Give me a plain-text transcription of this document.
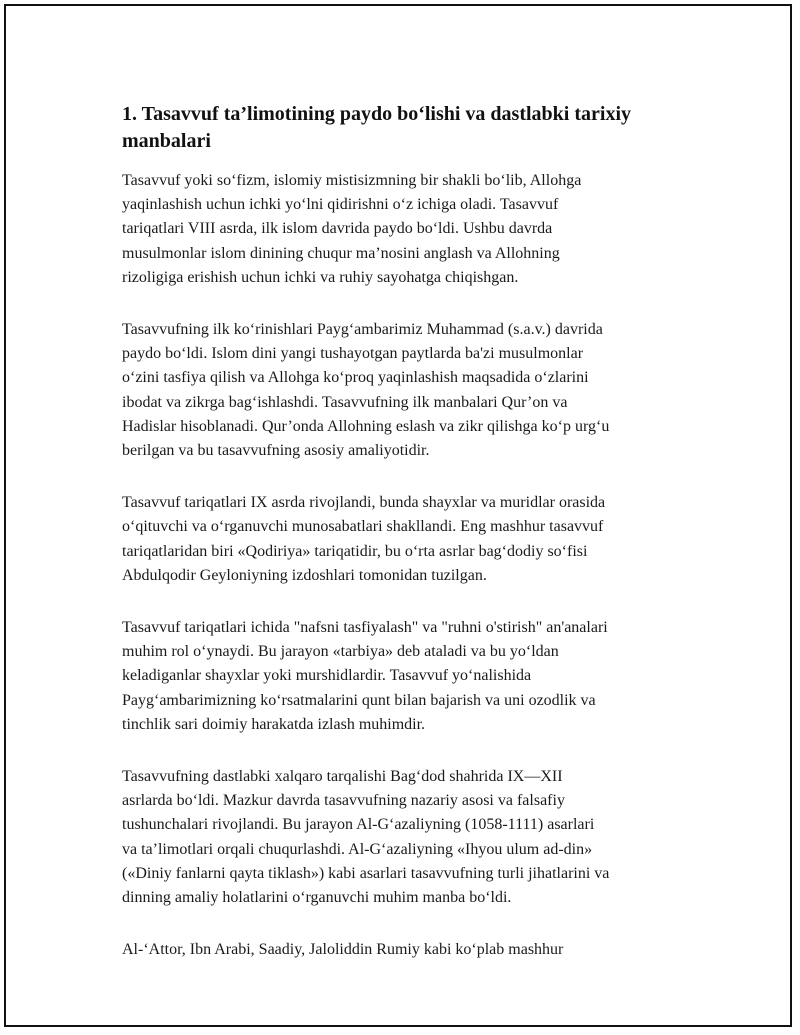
1. Tasavvuf ta’limotining paydo bo‘lishi va dastlabki tarixiy
manbalari

Tasavvuf yoki so‘fizm, islomiy mistisizmning bir shakli bo‘lib, Allohga
yaqinlashish uchun ichki yo‘lni qidirishni o‘z ichiga oladi. Tasavvuf
tariqatlari VIII asrda, ilk islom davrida paydo bo‘ldi. Ushbu davrda
musulmonlar islom dinining chuqur ma’nosini anglash va Allohning
rizoligiga erishish uchun ichki va ruhiy sayohatga chiqishgan.

Tasavvufning ilk ko‘rinishlari Payg‘ambarimiz Muhammad (s.a.v.) davrida
paydo bo‘ldi. Islom dini yangi tushayotgan paytlarda ba'zi musulmonlar
o‘zini tasfiya qilish va Allohga ko‘proq yaqinlashish maqsadida o‘zlarini
ibodat va zikrga bag‘ishlashdi. Tasavvufning ilk manbalari Qur’on va
Hadislar hisoblanadi. Qur’onda Allohning eslash va zikr qilishga ko‘p urg‘u
berilgan va bu tasavvufning asosiy amaliyotidir.

Tasavvuf tariqatlari IX asrda rivojlandi, bunda shayxlar va muridlar orasida
o‘qituvchi va o‘rganuvchi munosabatlari shakllandi. Eng mashhur tasavvuf
tariqatlaridan biri «Qodiriya» tariqatidir, bu o‘rta asrlar bag‘dodiy so‘fisi
Abdulqodir Geyloniyning izdoshlari tomonidan tuzilgan.

Tasavvuf tariqatlari ichida "nafsni tasfiyalash" va "ruhni o'stirish" an'analari
muhim rol o‘ynaydi. Bu jarayon «tarbiya» deb ataladi va bu yo‘ldan
keladiganlar shayxlar yoki murshidlardir. Tasavvuf yo‘nalishida
Payg‘ambarimizning ko‘rsatmalarini qunt bilan bajarish va uni ozodlik va
tinchlik sari doimiy harakatda izlash muhimdir.

Tasavvufning dastlabki xalqaro tarqalishi Bag‘dod shahrida IX—XII
asrlarda bo‘ldi. Mazkur davrda tasavvufning nazariy asosi va falsafiy
tushunchalari rivojlandi. Bu jarayon Al-G‘azaliyning (1058-1111) asarlari
va ta’limotlari orqali chuqurlashdi. Al-G‘azaliyning «Ihyou ulum ad-din»
(«Diniy fanlarni qayta tiklash») kabi asarlari tasavvufning turli jihatlarini va
dinning amaliy holatlarini o‘rganuvchi muhim manba bo‘ldi.

Al-‘Attor, Ibn Arabi, Saadiy, Jaloliddin Rumiy kabi ko‘plab mashhur
